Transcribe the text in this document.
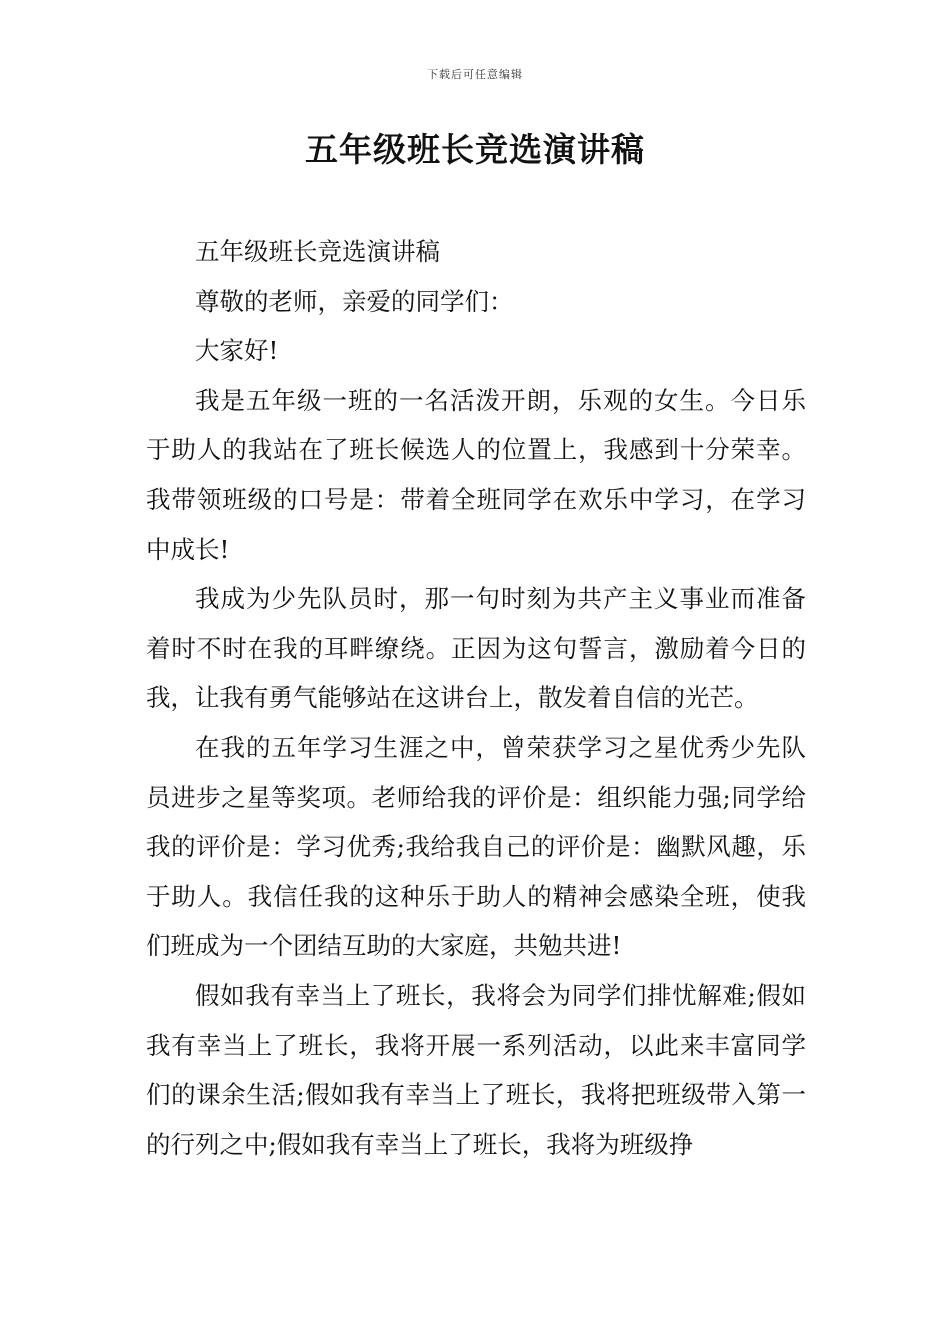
下载后可任意编辑
五年级班长竞选演讲稿

五年级班长竞选演讲稿

尊敬的老师，亲爱的同学们：

大家好!

我是五年级一班的一名活泼开朗，乐观的女生。今日乐于助人的我站在了班长候选人的位置上，我感到十分荣幸。我带领班级的口号是：带着全班同学在欢乐中学习，在学习中成长!

我成为少先队员时，那一句时刻为共产主义事业而准备着时不时在我的耳畔缭绕。正因为这句誓言，激励着今日的我，让我有勇气能够站在这讲台上，散发着自信的光芒。

在我的五年学习生涯之中，曾荣获学习之星优秀少先队员进步之星等奖项。老师给我的评价是：组织能力强;同学给我的评价是：学习优秀;我给我自己的评价是：幽默风趣，乐于助人。我信任我的这种乐于助人的精神会感染全班，使我们班成为一个团结互助的大家庭，共勉共进!

假如我有幸当上了班长，我将会为同学们排忧解难;假如我有幸当上了班长，我将开展一系列活动，以此来丰富同学们的课余生活;假如我有幸当上了班长，我将把班级带入第一的行列之中;假如我有幸当上了班长，我将为班级挣
